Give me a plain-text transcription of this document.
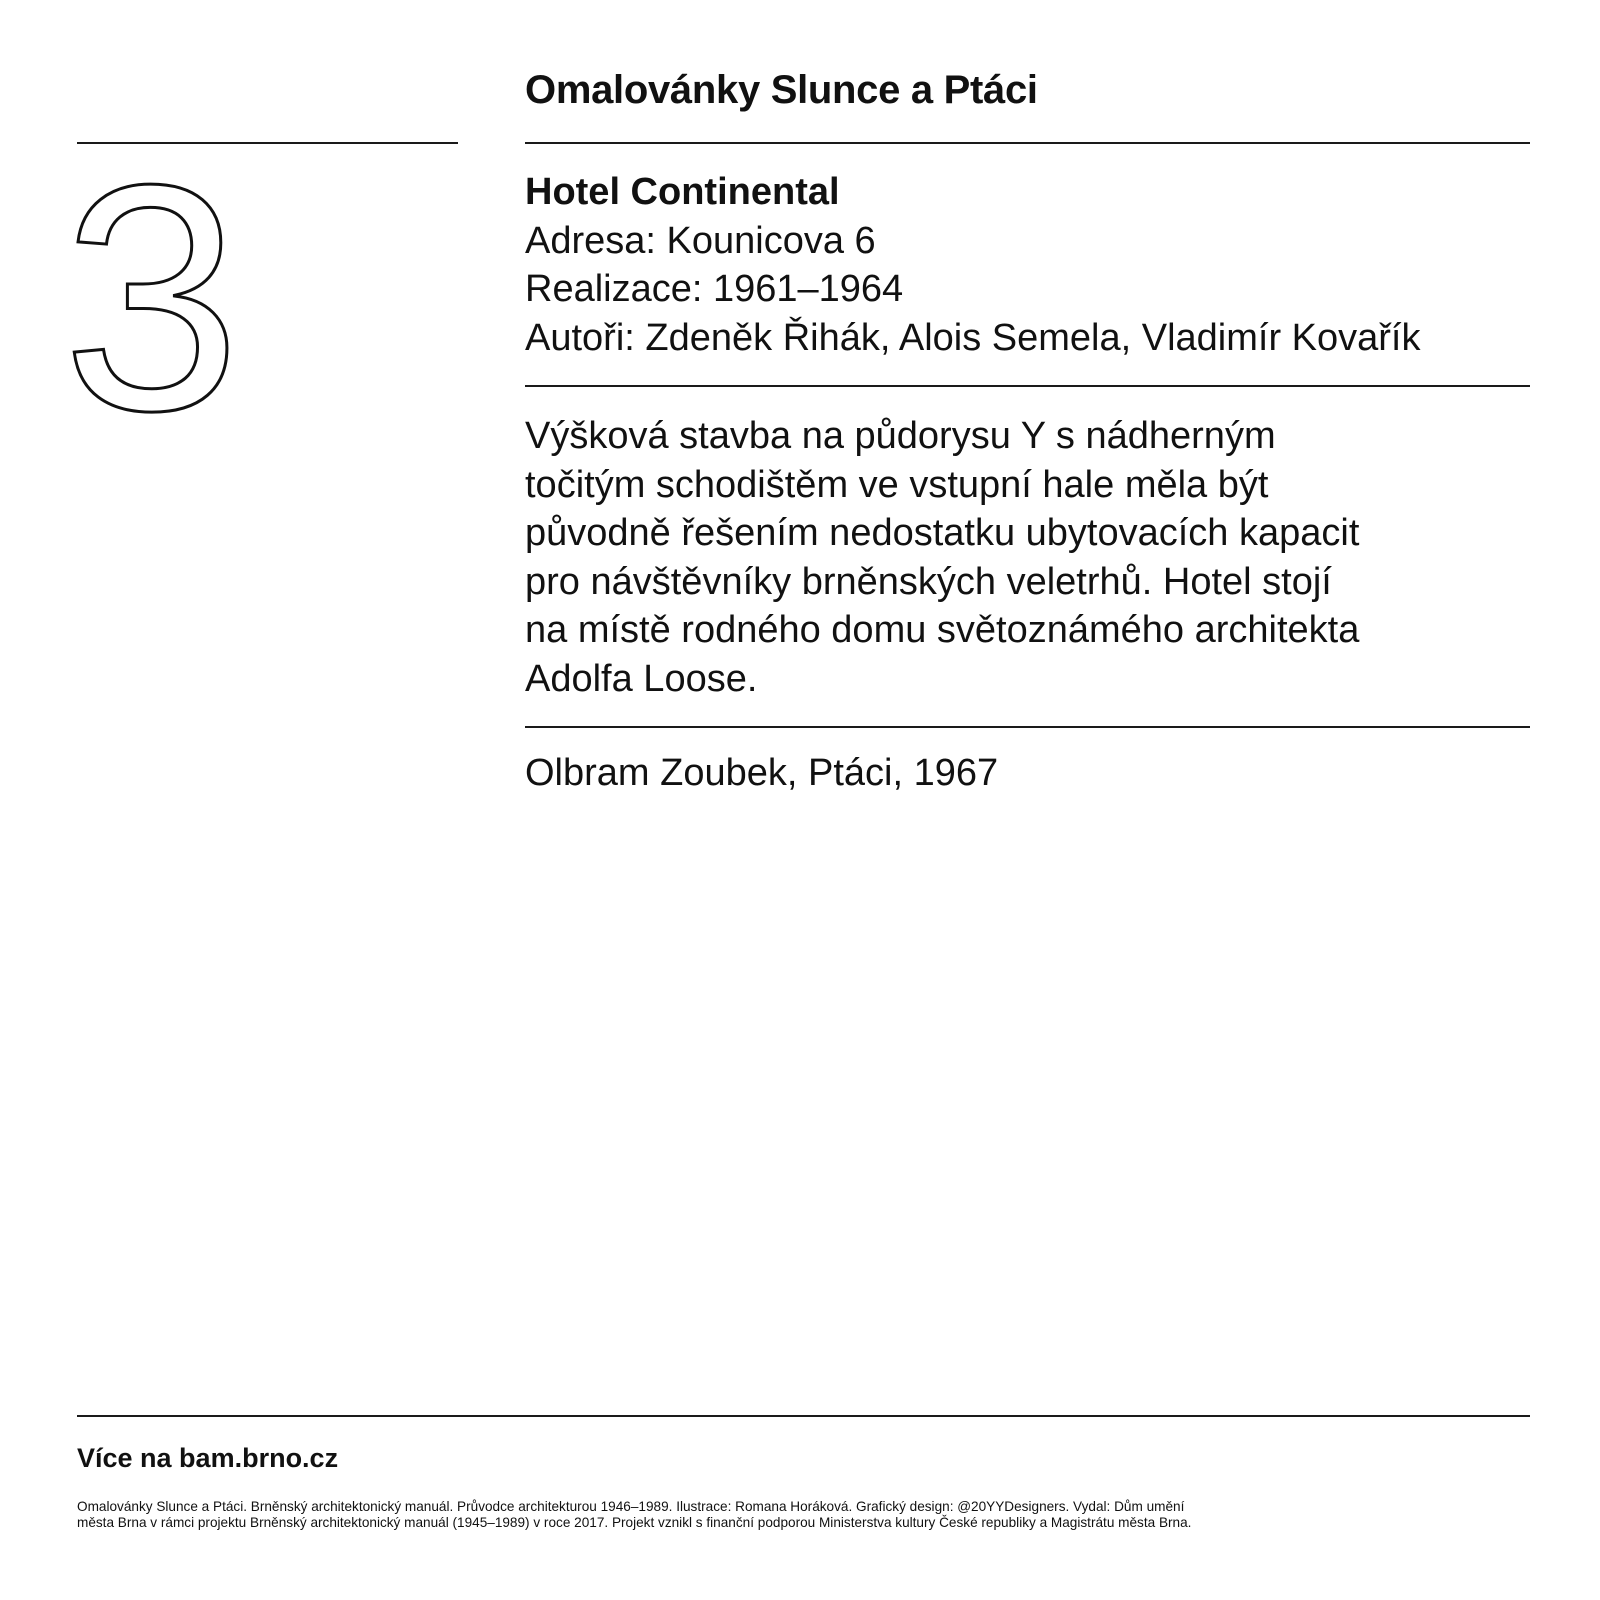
Omalovánky Slunce a Ptáci
3	Hotel Continental
Adresa: Kounicova 6
Realizace: 1961–1964
Autoři: Zdeněk Řihák, Alois Semela, Vladimír Kovařík
Výšková stavba na půdorysu Y s nádherným
točitým schodištěm ve vstupní hale měla být
původně řešením nedostatku ubytovacích kapacit
pro návštěvníky brněnských veletrhů. Hotel stojí
na místě rodného domu světoznámého architekta
Adolfa Loose.
Olbram Zoubek, Ptáci, 1967
Více na bam.brno.cz
Omalovánky Slunce a Ptáci. Brněnský architektonický manuál. Průvodce architekturou 1946–1989. Ilustrace: Romana Horáková. Grafický design: @20YYDesigners. Vydal: Dům umění
města Brna v rámci projektu Brněnský architektonický manuál (1945–1989) v roce 2017. Projekt vznikl s finanční podporou Ministerstva kultury České republiky a Magistrátu města Brna.
